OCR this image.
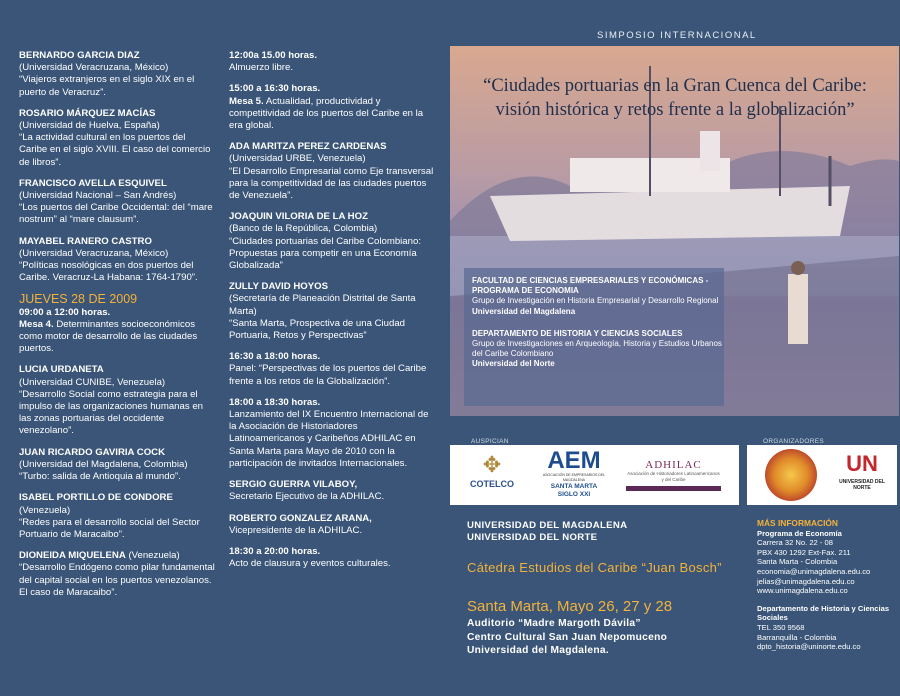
BERNARDO GARCIA DIAZ
(Universidad Veracruzana, México)
“Viajeros extranjeros en el siglo XIX en el puerto de Veracruz”.
ROSARIO MÁRQUEZ MACÍAS
(Universidad de Huelva, España)
“La actividad cultural en los puertos del Caribe en el siglo XVIII. El caso del comercio de libros”.
FRANCISCO AVELLA ESQUIVEL
(Universidad Nacional – San Andrés)
“Los puertos del Caribe Occidental: del “mare nostrum” al “mare clausum”.
MAYABEL RANERO CASTRO
(Universidad Veracruzana, México)
“Políticas nosológicas en dos puertos del Caribe. Veracruz-La Habana: 1764-1790”.
JUEVES 28 DE 2009
09:00 a 12:00 horas.
Mesa 4. Determinantes socioeconómicos como motor de desarrollo de las ciudades puertos.
LUCIA URDANETA
(Universidad CUNIBE, Venezuela)
“Desarrollo Social como estrategia para el impulso de las organizaciones humanas en las zonas portuarias del occidente venezolano”.
JUAN RICARDO GAVIRIA COCK
(Universidad del Magdalena, Colombia)
“Turbo: salida de Antioquia al mundo”.
ISABEL PORTILLO DE CONDORE (Venezuela)
“Redes para el desarrollo social del Sector Portuario de Maracaibo”.
DIONEIDA MIQUELENA (Venezuela)
“Desarrollo Endógeno como pilar fundamental del capital social en los puertos venezolanos. El caso de Maracaibo”.
12:00a 15.00 horas.
Almuerzo libre.
15:00 a 16:30 horas.
Mesa 5. Actualidad, productividad y competitividad de los puertos del Caribe en la era global.
ADA MARITZA PEREZ CARDENAS
(Universidad URBE, Venezuela)
“El Desarrollo Empresarial como Eje transversal para la competitividad de las ciudades puertos de Venezuela”.
JOAQUIN VILORIA DE LA HOZ
(Banco de la República, Colombia)
“Ciudades portuarias del Caribe Colombiano: Propuestas para competir en una Economía Globalizada”
ZULLY DAVID HOYOS
(Secretaría de Planeación Distrital de Santa Marta)
“Santa Marta, Prospectiva de una Ciudad Portuaria, Retos y Perspectivas”
16:30 a 18:00 horas.
Panel: “Perspectivas de los puertos del Caribe frente a los retos de la Globalización”.
18:00 a 18:30 horas.
Lanzamiento del IX Encuentro Internacional de la Asociación de Historiadores Latinoamericanos y Caribeños ADHILAC en Santa Marta para Mayo de 2010 con la participación de invitados Internacionales.
SERGIO GUERRA VILABOY,
Secretario Ejecutivo de la ADHILAC.
ROBERTO GONZALEZ ARANA,
Vicepresidente de la ADHILAC.
18:30 a 20:00 horas.
Acto de clausura y eventos culturales.
SIMPOSIO INTERNACIONAL
“Ciudades portuarias en la Gran Cuenca del Caribe: visión histórica y retos frente a la globalización”
FACULTAD DE CIENCIAS EMPRESARIALES Y ECONÓMICAS - PROGRAMA DE ECONOMIA
Grupo de Investigación en Historia Empresarial y Desarrollo Regional
Universidad del Magdalena
DEPARTAMENTO DE HISTORIA Y CIENCIAS SOCIALES
Grupo de Investigaciones en Arqueología, Historia y Estudios Urbanos del Caribe Colombiano
Universidad del Norte
AUSPICIAN	ORGANIZADORES
✥
COTELCO
AEM
ASOCIACIÓN DE EMPRESARIOS DEL MAGDALENA
SANTA MARTA
SIGLO XXI
ADHILAC
Asociación de Historiadores Latinoamericanos y del Caribe
UN
UNIVERSIDAD DEL NORTE
UNIVERSIDAD DEL MAGDALENA
UNIVERSIDAD DEL NORTE
Cátedra Estudios del Caribe “Juan Bosch”
Santa Marta, Mayo 26, 27 y 28
Auditorio “Madre Margoth Dávila”
Centro Cultural San Juan Nepomuceno
Universidad del Magdalena.
MÁS INFORMACIÓN
Programa de Economía
Carrera 32 No. 22 - 08
PBX 430 1292 Ext-Fax. 211
Santa Marta - Colombia
economia@unimagdalena.edu.co
jelias@unimagdalena.edu.co
www.unimagdalena.edu.co
Departamento de Historia y Ciencias Sociales
TEL 350 9568
Barranquilla - Colombia
dpto_historia@uninorte.edu.co
